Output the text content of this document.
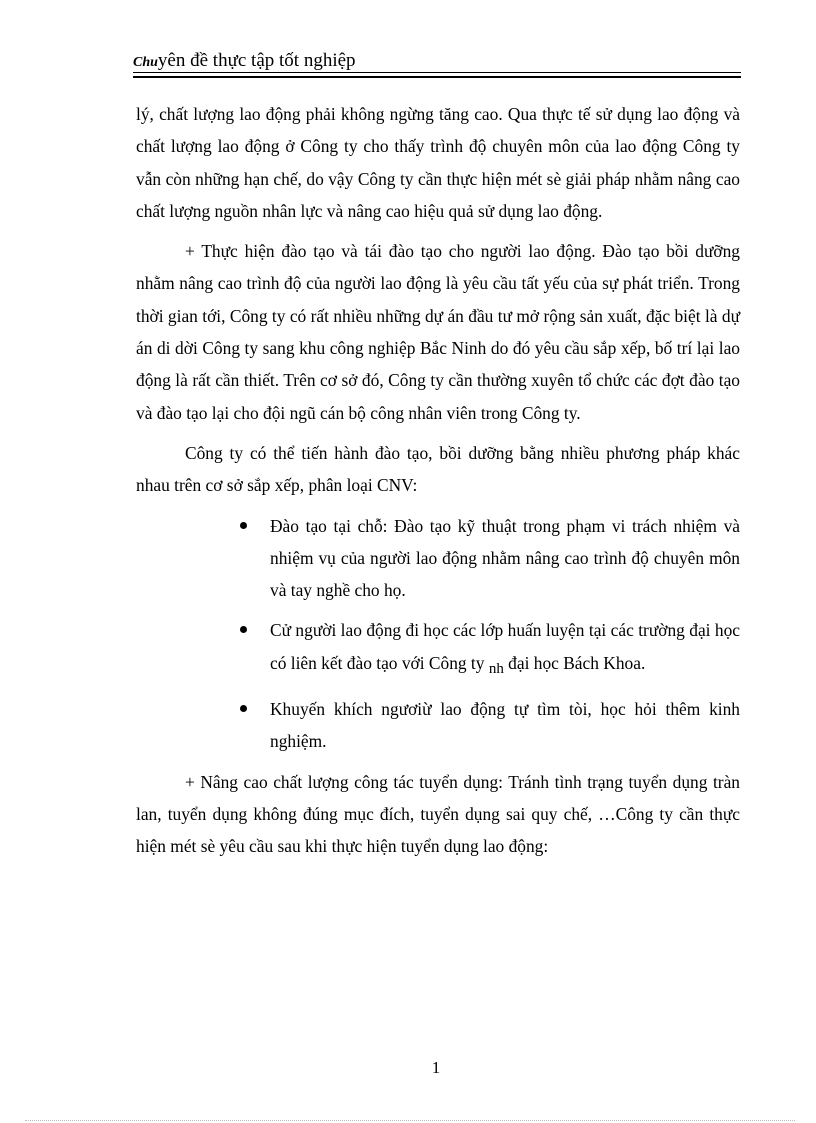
Chuyên đề thực tập tốt nghiệp

lý, chất lượng lao động phải không ngừng tăng cao. Qua thực tế sử dụng lao động và chất lượng lao động ở Công ty cho thấy trình độ chuyên môn của lao động Công ty vẫn còn những hạn chế, do vậy Công ty cần thực hiện mét sè giải pháp nhằm nâng cao chất lượng nguồn nhân lực và nâng cao hiệu quả sử dụng lao động.

+ Thực hiện đào tạo và tái đào tạo cho người lao động. Đào tạo bồi dưỡng nhằm nâng cao trình độ của người lao động là yêu cầu tất yếu của sự phát triển. Trong thời gian tới, Công ty có rất nhiều những dự án đầu tư mở rộng sản xuất, đặc biệt là dự án di dời Công ty sang khu công nghiệp Bắc Ninh do đó yêu cầu sắp xếp, bố trí lại lao động là rất cần thiết. Trên cơ sở đó, Công ty cần thường xuyên tổ chức các đợt đào tạo và đào tạo lại cho đội ngũ cán bộ công nhân viên trong Công ty.

Công ty có thể tiến hành đào tạo, bồi dưỡng bằng nhiều phương pháp khác nhau trên cơ sở sắp xếp, phân loại CNV:

Đào tạo tại chỗ: Đào tạo kỹ thuật trong phạm vi trách nhiệm và nhiệm vụ của người lao động nhằm nâng cao trình độ chuyên môn và tay nghề cho họ.
Cử người lao động đi học các lớp huấn luyện tại các trường đại học có liên kết đào tạo với Công ty nh đại học Bách Khoa.
Khuyến khích ngươiừ lao động tự tìm tòi, học hỏi thêm kinh nghiệm.

+ Nâng cao chất lượng công tác tuyển dụng: Tránh tình trạng tuyển dụng tràn lan, tuyển dụng không đúng mục đích, tuyển dụng sai quy chế, …Công ty cần thực hiện mét sè yêu cầu sau khi thực hiện tuyển dụng lao động:

1
